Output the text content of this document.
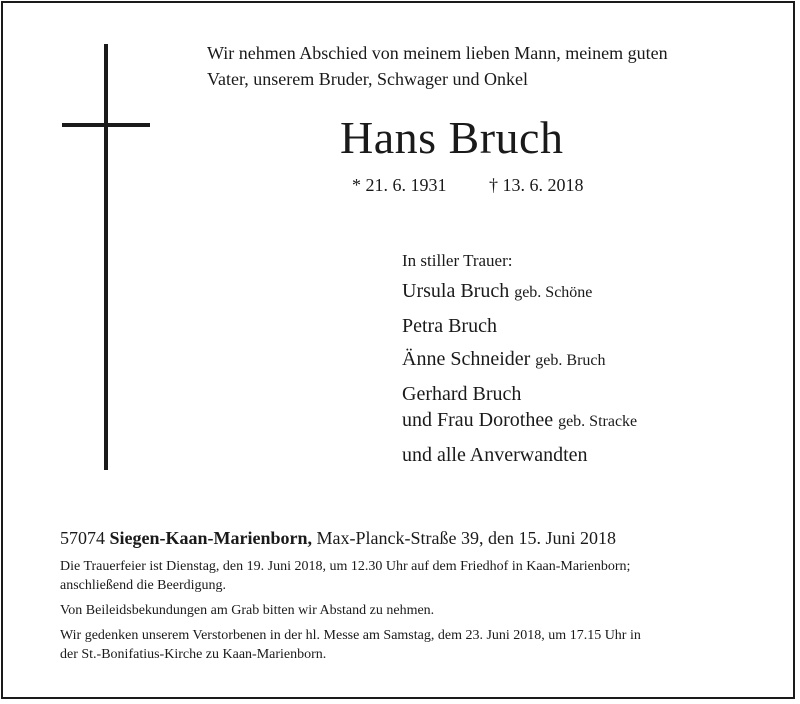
Wir nehmen Abschied von meinem lieben Mann, meinem guten
Vater, unserem Bruder, Schwager und Onkel
Hans Bruch
* 21. 6. 1931 † 13. 6. 2018
In stiller Trauer:
Ursula Bruch geb. Schöne
Petra Bruch
Änne Schneider geb. Bruch
Gerhard Bruch
und Frau Dorothee geb. Stracke
und alle Anverwandten
57074 Siegen-Kaan-Marienborn, Max-Planck-Straße 39, den 15. Juni 2018

Die Trauerfeier ist Dienstag, den 19. Juni 2018, um 12.30 Uhr auf dem Friedhof in Kaan-Marienborn;
anschließend die Beerdigung.

Von Beileidsbekundungen am Grab bitten wir Abstand zu nehmen.

Wir gedenken unserem Verstorbenen in der hl. Messe am Samstag, dem 23. Juni 2018, um 17.15 Uhr in
der St.-Bonifatius-Kirche zu Kaan-Marienborn.
